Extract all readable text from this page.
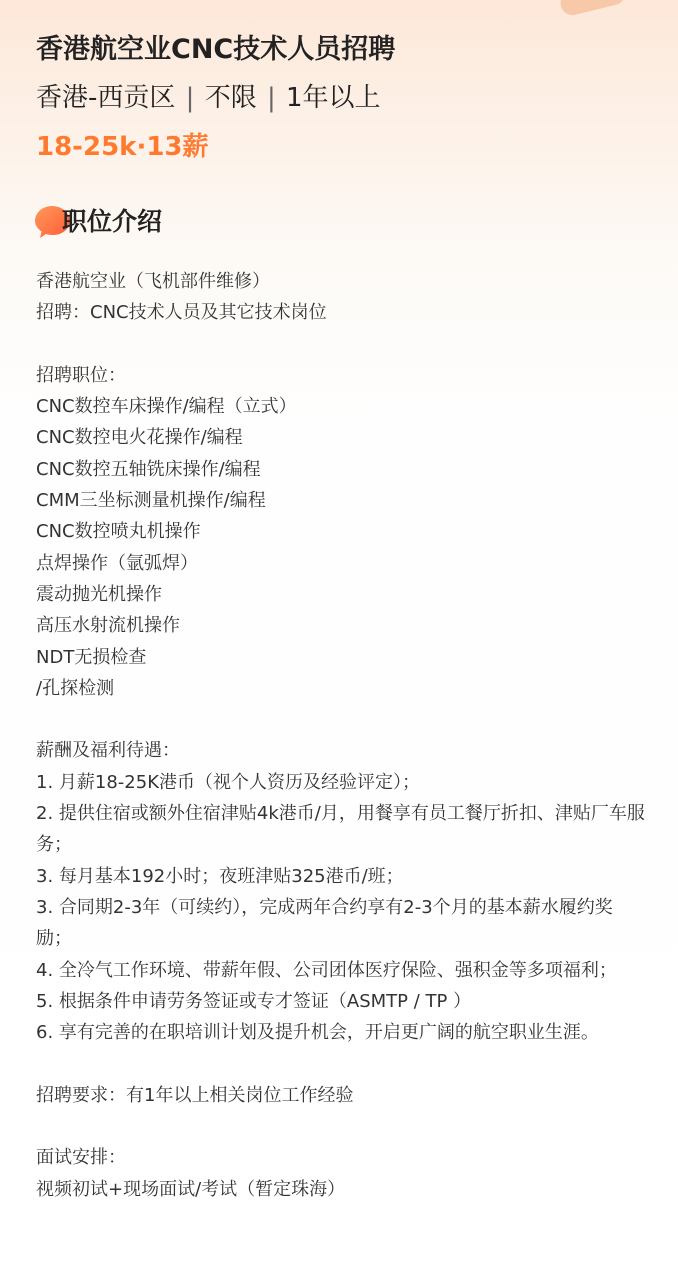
香港航空业CNC技术人员招聘
香港-西贡区 | 不限 | 1年以上
18-25k·13薪
职位介绍
香港航空业（飞机部件维修）
招聘：CNC技术人员及其它技术岗位
招聘职位：
CNC数控车床操作/编程（立式）
CNC数控电火花操作/编程
CNC数控五轴铣床操作/编程
CMM三坐标测量机操作/编程
CNC数控喷丸机操作
点焊操作（氩弧焊）
震动抛光机操作
高压水射流机操作
NDT无损检查
/孔探检测
薪酬及福利待遇：
1. 月薪18-25K港币（视个人资历及经验评定）；
2. 提供住宿或额外住宿津贴4k港币/月，用餐享有员工餐厅折扣、津贴厂车服务；
3. 每月基本192小时；夜班津贴325港币/班；
3. 合同期2-3年（可续约），完成两年合约享有2-3个月的基本薪水履约奖励；
4. 全冷气工作环境、带薪年假、公司团体医疗保险、强积金等多项福利；
5. 根据条件申请劳务签证或专才签证（ASMTP / TP ）
6. 享有完善的在职培训计划及提升机会，开启更广阔的航空职业生涯。
招聘要求：有1年以上相关岗位工作经验
面试安排：
视频初试+现场面试/考试（暂定珠海）
